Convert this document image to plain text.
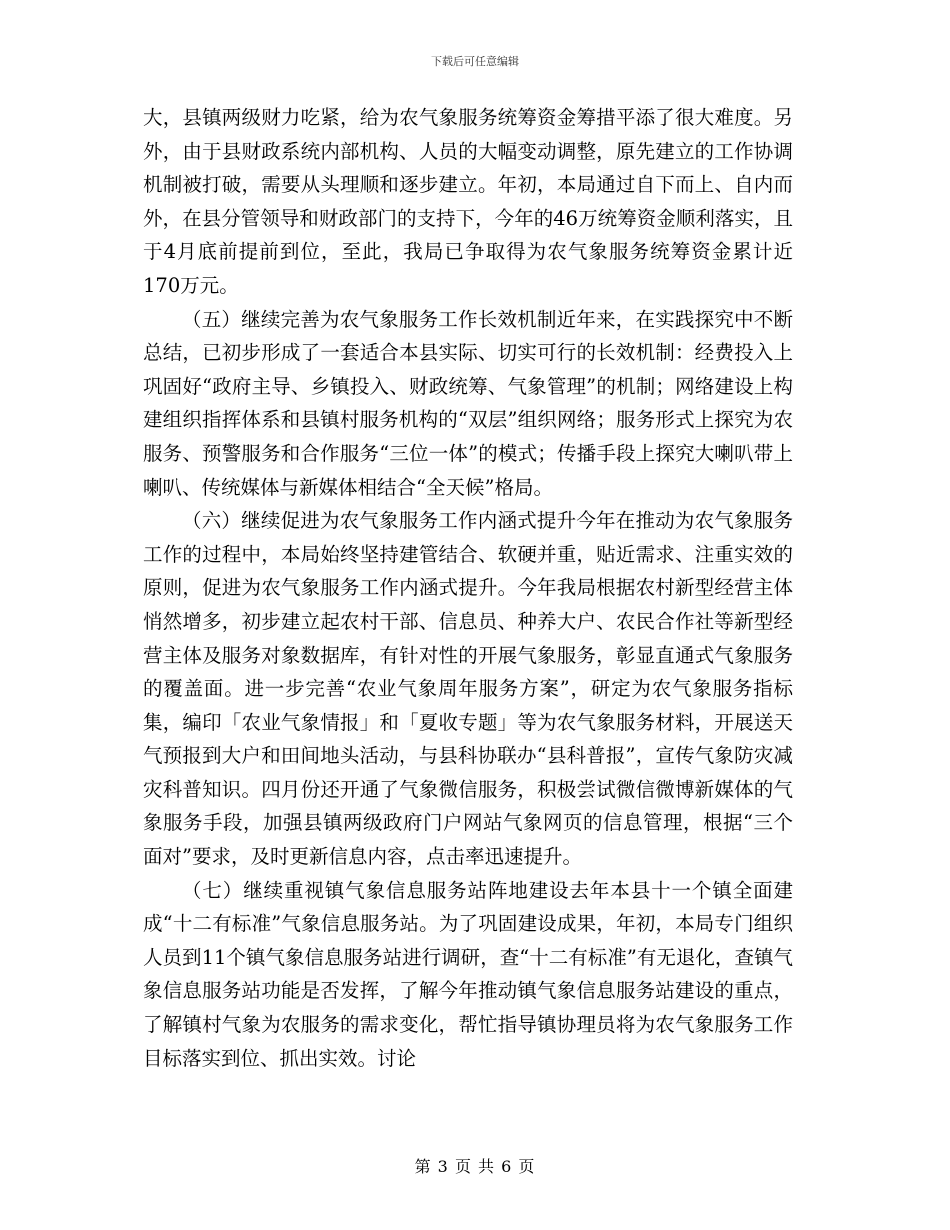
下载后可任意编辑

大，县镇两级财力吃紧，给为农气象服务统筹资金筹措平添了很大难度。另外，由于县财政系统内部机构、人员的大幅变动调整，原先建立的工作协调机制被打破，需要从头理顺和逐步建立。年初，本局通过自下而上、自内而外，在县分管领导和财政部门的支持下，今年的46万统筹资金顺利落实，且于4月底前提前到位，至此，我局已争取得为农气象服务统筹资金累计近170万元。

（五）继续完善为农气象服务工作长效机制近年来，在实践探究中不断总结，已初步形成了一套适合本县实际、切实可行的长效机制：经费投入上巩固好“政府主导、乡镇投入、财政统筹、气象管理”的机制；网络建设上构建组织指挥体系和县镇村服务机构的“双层”组织网络；服务形式上探究为农服务、预警服务和合作服务“三位一体”的模式；传播手段上探究大喇叭带上喇叭、传统媒体与新媒体相结合“全天候”格局。

（六）继续促进为农气象服务工作内涵式提升今年在推动为农气象服务工作的过程中，本局始终坚持建管结合、软硬并重，贴近需求、注重实效的原则，促进为农气象服务工作内涵式提升。今年我局根据农村新型经营主体悄然增多，初步建立起农村干部、信息员、种养大户、农民合作社等新型经营主体及服务对象数据库，有针对性的开展气象服务，彰显直通式气象服务的覆盖面。进一步完善“农业气象周年服务方案”，研定为农气象服务指标集，编印「农业气象情报」和「夏收专题」等为农气象服务材料，开展送天气预报到大户和田间地头活动，与县科协联办“县科普报”，宣传气象防灾减灾科普知识。四月份还开通了气象微信服务，积极尝试微信微博新媒体的气象服务手段，加强县镇两级政府门户网站气象网页的信息管理，根据“三个面对”要求，及时更新信息内容，点击率迅速提升。

（七）继续重视镇气象信息服务站阵地建设去年本县十一个镇全面建成“十二有标准”气象信息服务站。为了巩固建设成果，年初，本局专门组织人员到11个镇气象信息服务站进行调研，查“十二有标准”有无退化，查镇气象信息服务站功能是否发挥，了解今年推动镇气象信息服务站建设的重点，了解镇村气象为农服务的需求变化，帮忙指导镇协理员将为农气象服务工作目标落实到位、抓出实效。讨论

第 3 页 共 6 页
